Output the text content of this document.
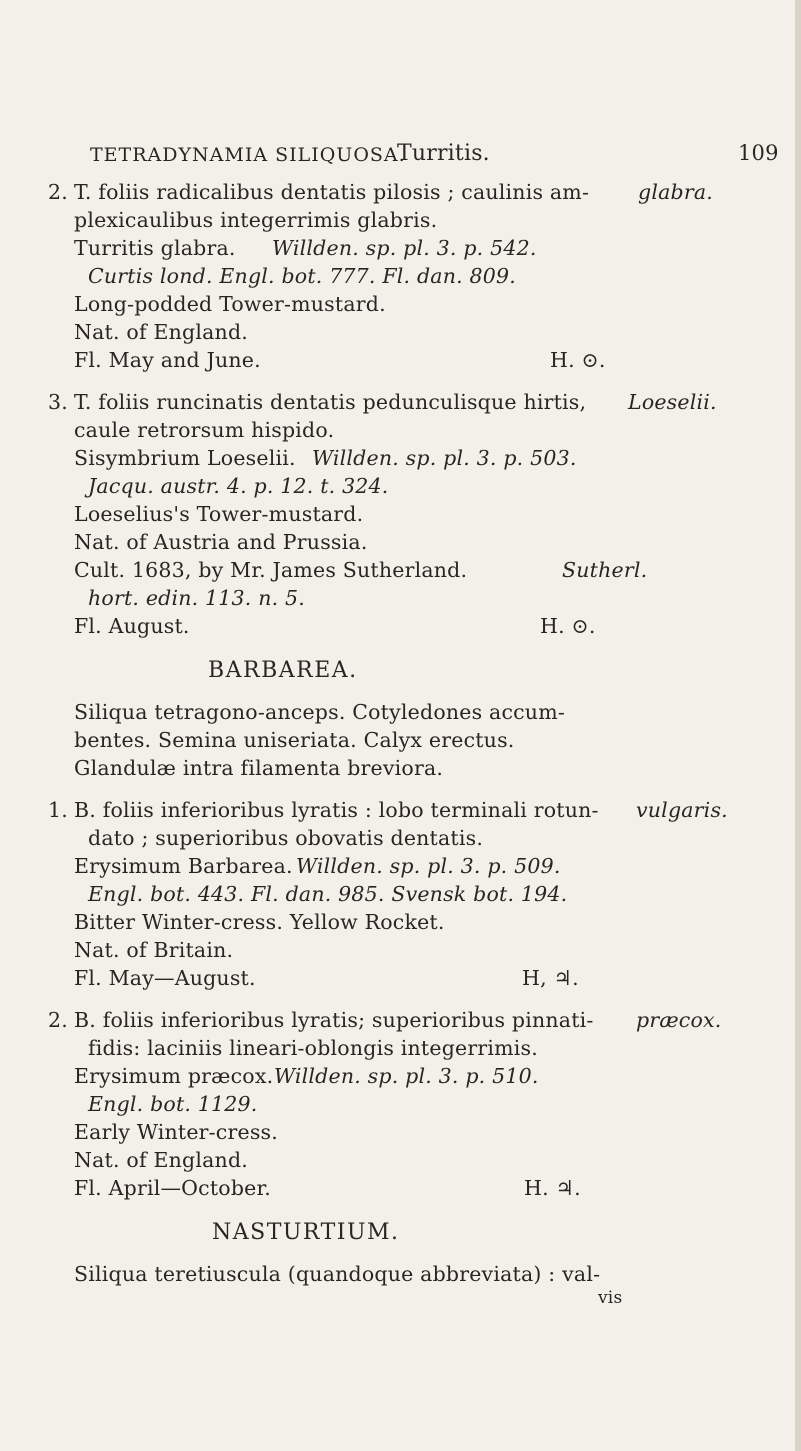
TETRADYNAMIA SILIQUOSA.
Turritis.	109
2. T. foliis radicalibus dentatis pilosis ; caulinis am- glabra.
plexicaulibus integerrimis glabris.
Turritis glabra. Willden. sp. pl. 3. p. 542.
Curtis lond. Engl. bot. 777. Fl. dan. 809.
Long-podded Tower-mustard.
Nat. of England.
Fl. May and June.	H. ⊙.
3. T. foliis runcinatis dentatis pedunculisque hirtis, Loeselii.
caule retrorsum hispido.
Sisymbrium Loeselii. Willden. sp. pl. 3. p. 503.
Jacqu. austr. 4. p. 12. t. 324.
Loeselius's Tower-mustard.
Nat. of Austria and Prussia.
Cult. 1683, by Mr. James Sutherland.	Sutherl.
hort. edin. 113. n. 5.
Fl. August.	H. ⊙.
BARBAREA.
Siliqua tetragono-anceps. Cotyledones accum-
bentes. Semina uniseriata. Calyx erectus.
Glandulæ intra filamenta breviora.
1. B. foliis inferioribus lyratis : lobo terminali rotun- vulgaris.
dato ; superioribus obovatis dentatis.
Erysimum Barbarea. Willden. sp. pl. 3. p. 509.
Engl. bot. 443. Fl. dan. 985. Svensk bot. 194.
Bitter Winter-cress. Yellow Rocket.
Nat. of Britain.
Fl. May—August.	H, ♃.
2. B. foliis inferioribus lyratis; superioribus pinnati- præcox.
fidis: laciniis lineari-oblongis integerrimis.
Erysimum præcox. Willden. sp. pl. 3. p. 510.
Engl. bot. 1129.
Early Winter-cress.
Nat. of England.
Fl. April—October.	H. ♃.
NASTURTIUM.
Siliqua teretiuscula (quandoque abbreviata) : val-
vis
